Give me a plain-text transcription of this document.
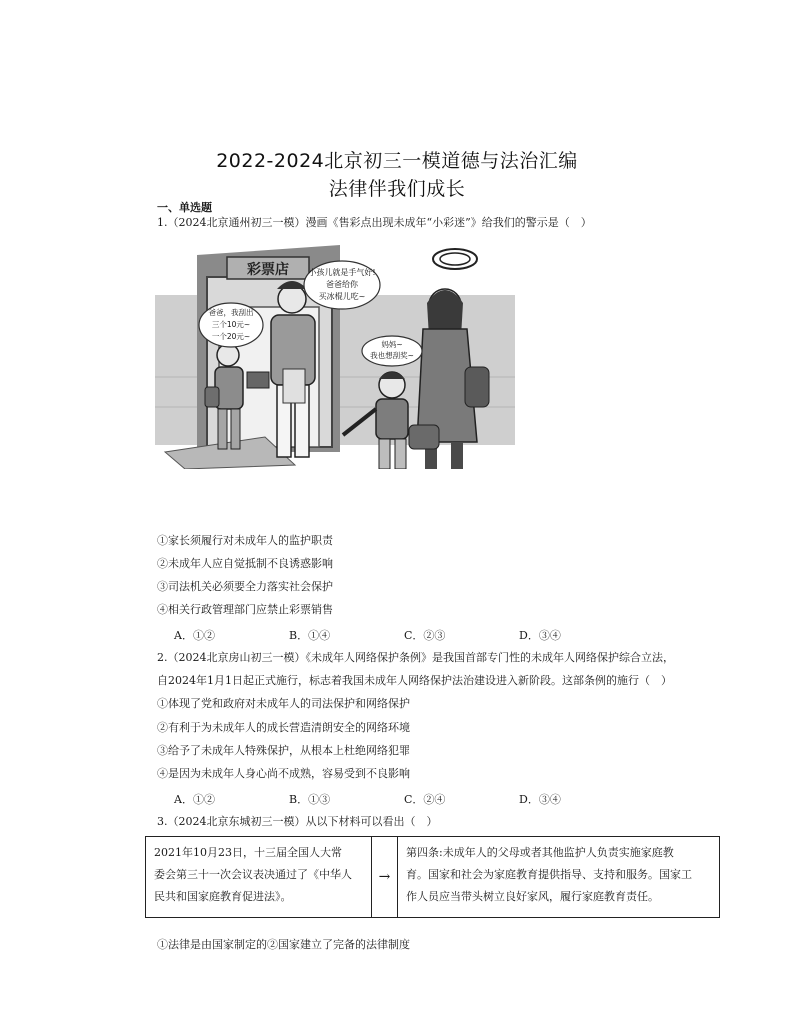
2022-2024北京初三一模道德与法治汇编
法律伴我们成长
一、单选题
1.（2024北京通州初三一模）漫画《售彩点出现未成年“小彩迷”》给我们的警示是（　）
彩票店 小孩儿就是手气好!
爸爸给你
买冰棍儿吃~
爸爸，我刮出
三个10元~
一个20元~
妈妈~
我也想刮奖~
①家长须履行对未成年人的监护职责
②未成年人应自觉抵制不良诱惑影响
③司法机关必须要全力落实社会保护
④相关行政管理部门应禁止彩票销售
A．①②	B．①④	C．②③	D．③④
2.（2024北京房山初三一模）《未成年人网络保护条例》是我国首部专门性的未成年人网络保护综合立法，
自2024年1月1日起正式施行，标志着我国未成年人网络保护法治建设进入新阶段。这部条例的施行（　）
①体现了党和政府对未成年人的司法保护和网络保护
②有利于为未成年人的成长营造清朗安全的网络环境
③给予了未成年人特殊保护，从根本上杜绝网络犯罪
④是因为未成年人身心尚不成熟，容易受到不良影响
A．①②	B．①③	C．②④	D．③④
3.（2024北京东城初三一模）从以下材料可以看出（　）
2021年10月23日，十三届全国人大常
委会第三十一次会议表决通过了《中华人
民共和国家庭教育促进法》。
→
第四条:未成年人的父母或者其他监护人负责实施家庭教
育。国家和社会为家庭教育提供指导、支持和服务。国家工
作人员应当带头树立良好家风，履行家庭教育责任。
①法律是由国家制定的②国家建立了完备的法律制度
